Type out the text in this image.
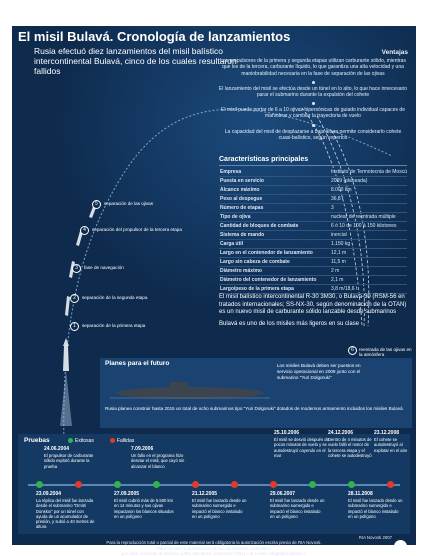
El misil Bulavá. Cronología de lanzamientos
Rusia efectuó diez lanzamientos del misil balístico intercontinental Bulavá, cinco de los cuales resultaron fallidos
5	separación de las ojivas
4	separación del propulsor de la tercera etapa
3	fase de navegación
2	separación de la segunda etapa
1	separación de la primera etapa
6	reentrada de las ojivas en la atmósfera
Ventajas

Los propulsores de la primera y segunda etapas utilizan carburante sólido, mientras que los de la tercera, carburante líquido, lo que garantiza una alta velocidad y una maniobrabilidad necesaria en la fase de separación de las ojivas

El lanzamiento del misil se efectúa desde un túnel en lo alto, lo que hace innecesario parar el submarino durante la expulsión del cohete

El misil puede portar de 6 a 10 ojivas hipersónicas de guiado individual capaces de maniobrar y cambiar la trayectoria de vuelo

La capacidad del misil de desplazarse a baja altura permite considerarlo cohete cuasi-balístico, según expertos

Características principales
Empresa	Instituto de Termotecnia de Moscú
Puesta en servicio	2009 (planeada)
Alcance máximo	8.000 km
Peso al despegue	36,8 t
Número de etapas	3
Tipo de ojiva	nuclear de reentrada múltiple
Cantidad de bloques de combate	6 ó 10 de 100 á 150 kilotones
Sistema de mando	inercial
Carga útil	1.150 kg
Largo en el contenedor de lanzamiento	12,1 m
Largo sin cabeza de combate	11,5 m
Diámetro máximo	2 m
Diámetro del contenedor de lanzamiento	2,1 m
Largo/peso de la primera etapa	3,8 m/18,6 t

El misil balístico intercontinental R-30 3M30, o Bulava-30 (RSM-56 en tratados internacionales; SS-NX-30, según denominación de la OTAN) es un nuevo misil de carburante sólido lanzable desde submarinos

Bulavá es uno de los misiles más ligeros en su clase

Planes para el futuro	Los misiles Bulavá deben ser puestos en servicio operacional en 2009 junto con el submarino "Yuri Dolgoruki"
Rusia planea construir hasta 2015 un total de ocho submarinos tipo "Yuri Dolgoruki" dotados de modernos armamento incluidos los misiles Bulavá
Pruebas	Exitosas	Fallidas
24.06.2004
El propulsor de carburante sólido explotó durante la prueba
7.09.2006
Un fallo en el programa hizo desviar el misil, que cayó sin alcanzar el blanco
25.10.2006
El misil se desvió después de pocos minutos de vuelo y se autodestruyó cayendo en el mar
24.12.2006
Dentro de 4 minutos de vuelo falló el motor de la tercera etapa y el cohete se autodestruyó
23.12.2008
El cohete se autodestruyó al explotar en el aire
23.09.2004
La réplica del misil fue lanzada desde el submarino "Dmitri Donskoi" por un túnel con ayuda de un acumulador de presión, y subió a 40 metros de altura
27.09.2005
El misil cubrió más de 5.500 km en 14 minutos y sus ojivas impactaron los blancos situados en un polígono
21.12.2005
El misil fue lanzado desde un submarino sumergido e impactó el blanco instalado en un polígono
29.06.2007
El misil fue lanzado desde un submarino sumergido e impactó el blanco instalado en un polígono
28.11.2008
El misil fue lanzado desde un submarino sumergido e impactó el blanco instalado en un polígono
RIA Novosti 2007
Para la reproducción total o parcial de este material será obligatoria la autorización escrita previa de RIA Novosti.
Para tramitar la autorización de uso de nuestros materiales,
por favor contactar al teléfono: (495) 981-56-01 (extensión 7251) o al e-mail: infographic@rian.ru
